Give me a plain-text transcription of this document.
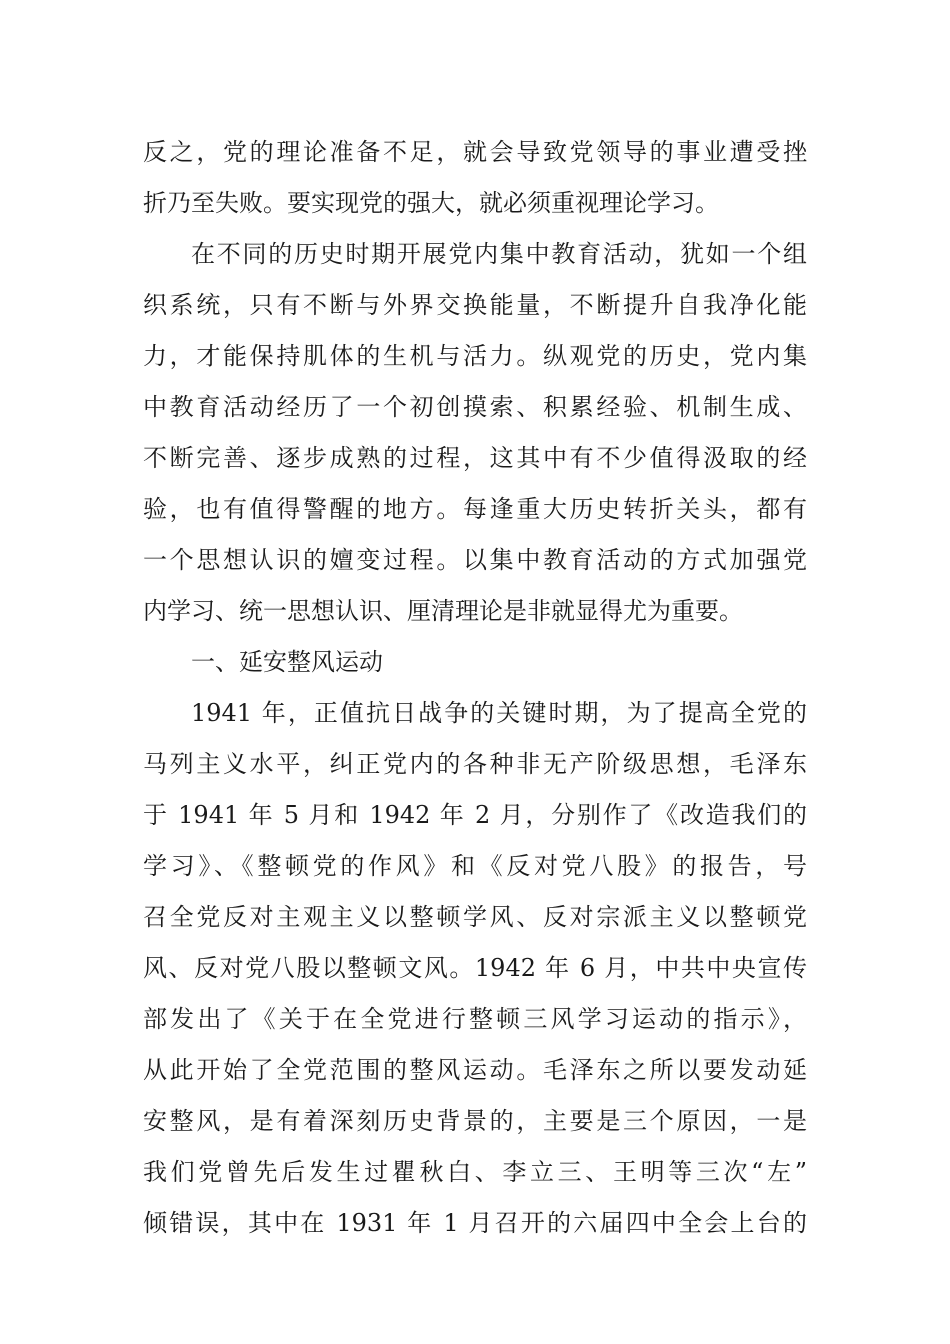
反之，党的理论准备不足，就会导致党领导的事业遭受挫
折乃至失败。要实现党的强大，就必须重视理论学习。
在不同的历史时期开展党内集中教育活动，犹如一个组
织系统，只有不断与外界交换能量，不断提升自我净化能
力，才能保持肌体的生机与活力。纵观党的历史，党内集
中教育活动经历了一个初创摸索、积累经验、机制生成、
不断完善、逐步成熟的过程，这其中有不少值得汲取的经
验，也有值得警醒的地方。每逢重大历史转折关头，都有
一个思想认识的嬗变过程。以集中教育活动的方式加强党
内学习、统一思想认识、厘清理论是非就显得尤为重要。
一、延安整风运动
1941 年，正值抗日战争的关键时期，为了提高全党的
马列主义水平，纠正党内的各种非无产阶级思想，毛泽东
于 1941 年 5 月和 1942 年 2 月，分别作了《改造我们的
学习》、《整顿党的作风》和《反对党八股》的报告，号
召全党反对主观主义以整顿学风、反对宗派主义以整顿党
风、反对党八股以整顿文风。1942 年 6 月，中共中央宣传
部发出了《关于在全党进行整顿三风学习运动的指示》，
从此开始了全党范围的整风运动。毛泽东之所以要发动延
安整风，是有着深刻历史背景的，主要是三个原因，一是
我们党曾先后发生过瞿秋白、李立三、王明等三次“左”
倾错误，其中在 1931 年 1 月召开的六届四中全会上台的
